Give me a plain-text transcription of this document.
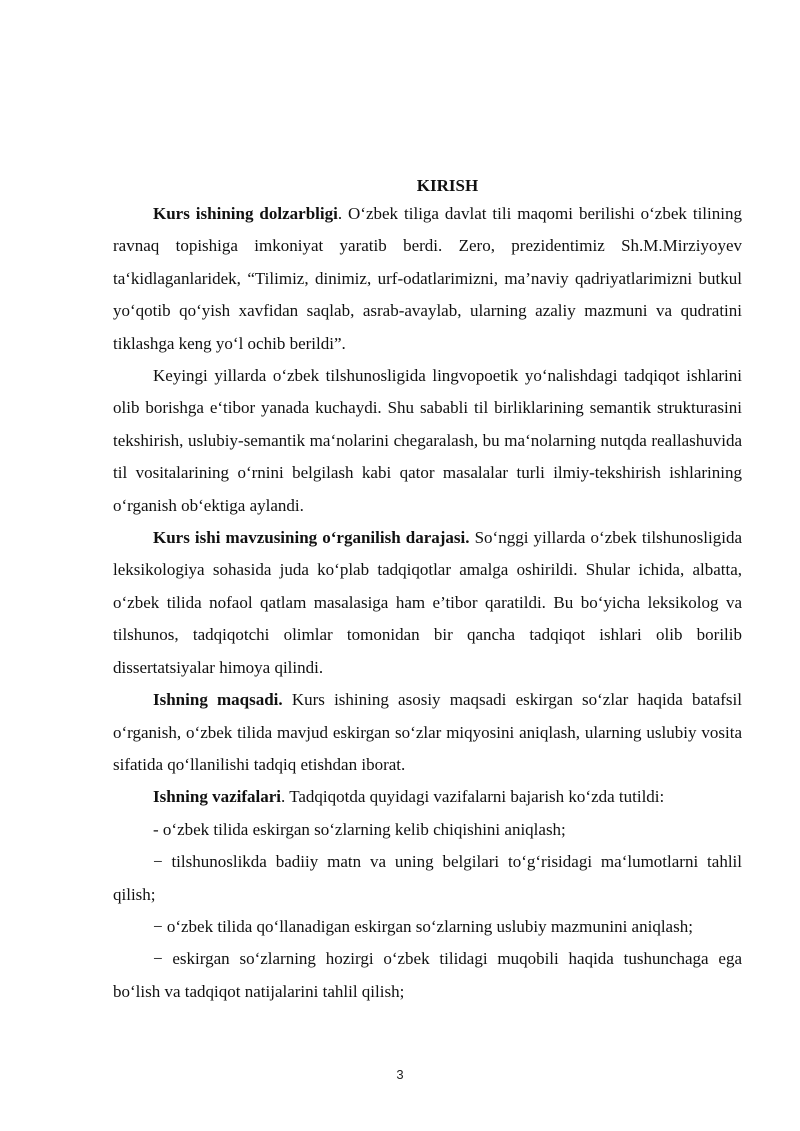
KIRISH

Kurs ishining dolzarbligi. O‘zbek tiliga davlat tili maqomi berilishi o‘zbek tilining ravnaq topishiga imkoniyat yaratib berdi. Zero, prezidentimiz Sh.M.Mirziyoyev ta‘kidlaganlaridek, “Tilimiz, dinimiz, urf-odatlarimizni, ma’naviy qadriyatlarimizni butkul yo‘qotib qo‘yish xavfidan saqlab, asrab-avaylab, ularning azaliy mazmuni va qudratini tiklashga keng yo‘l ochib berildi”.

Keyingi yillarda o‘zbek tilshunosligida lingvopoetik yo‘nalishdagi tadqiqot ishlarini olib borishga e‘tibor yanada kuchaydi. Shu sababli til birliklarining semantik strukturasini tekshirish, uslubiy-semantik ma‘nolarini chegaralash, bu ma‘nolarning nutqda reallashuvida til vositalarining o‘rnini belgilash kabi qator masalalar turli ilmiy-tekshirish ishlarining o‘rganish ob‘ektiga aylandi.

Kurs ishi mavzusining o‘rganilish darajasi. So‘nggi yillarda o‘zbek tilshunosligida leksikologiya sohasida juda ko‘plab tadqiqotlar amalga oshirildi. Shular ichida, albatta, o‘zbek tilida nofaol qatlam masalasiga ham e’tibor qaratildi. Bu bo‘yicha leksikolog va tilshunos, tadqiqotchi olimlar tomonidan bir qancha tadqiqot ishlari olib borilib dissertatsiyalar himoya qilindi.

Ishning maqsadi. Kurs ishining asosiy maqsadi eskirgan so‘zlar haqida batafsil o‘rganish, o‘zbek tilida mavjud eskirgan so‘zlar miqyosini aniqlash, ularning uslubiy vosita sifatida qo‘llanilishi tadqiq etishdan iborat.

Ishning vazifalari. Tadqiqotda quyidagi vazifalarni bajarish ko‘zda tutildi:

- o‘zbek tilida eskirgan so‘zlarning kelib chiqishini aniqlash;

− tilshunoslikda badiiy matn va uning belgilari to‘g‘risidagi ma‘lumotlarni tahlil qilish;

− o‘zbek tilida qo‘llanadigan eskirgan so‘zlarning uslubiy mazmunini aniqlash;

− eskirgan so‘zlarning hozirgi o‘zbek tilidagi muqobili haqida tushunchaga ega bo‘lish va tadqiqot natijalarini tahlil qilish;

3
